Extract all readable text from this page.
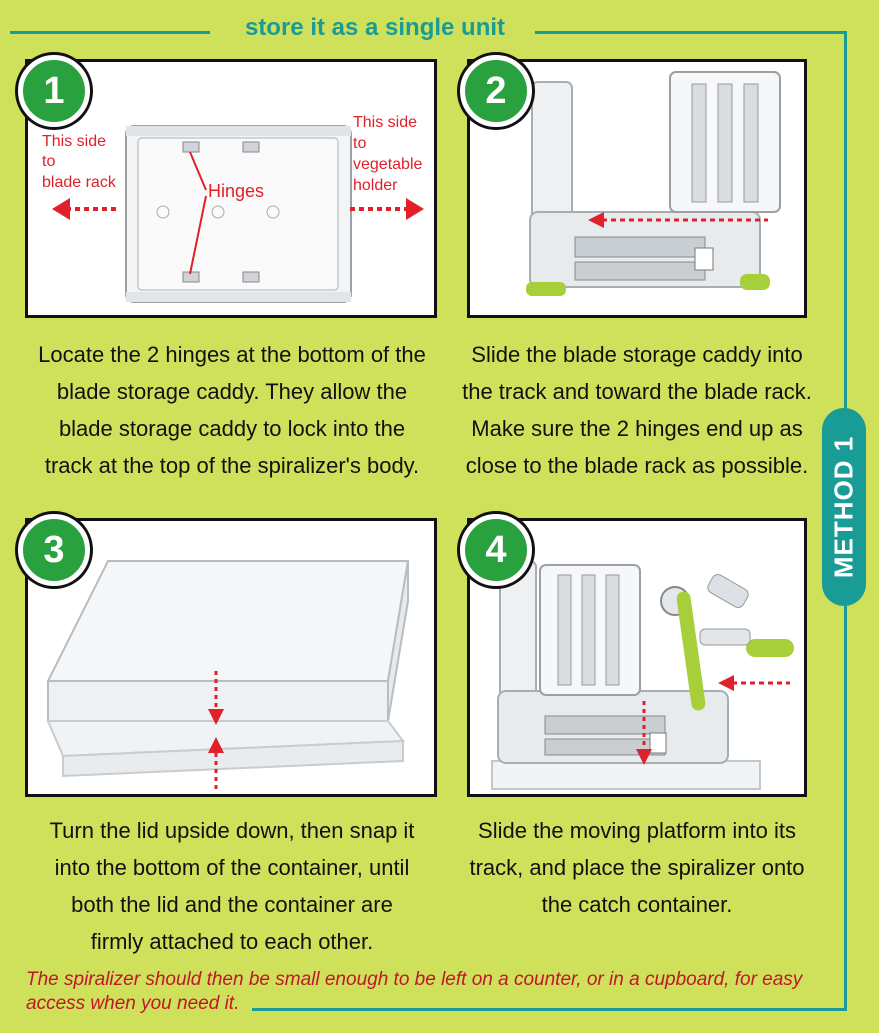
store it as a single unit
METHOD 1
This side
to
blade rack	Hinges
This side
to
vegetable
holder
1
Locate the 2 hinges at the bottom of the
blade storage caddy. They allow the
blade storage caddy to lock into the
track at the top of the spiralizer's body.
2
Slide the blade storage caddy into
the track and toward the blade rack.
Make sure the 2 hinges end up as
close to the blade rack as possible.
3
Turn the lid upside down, then snap it
into the bottom of the container, until
both the lid and the container are
firmly attached to each other.
4
Slide the moving platform into its
track, and place the spiralizer onto
the catch container.
The spiralizer should then be small enough to be left on a counter, or in a cupboard, for easy
access when you need it.
